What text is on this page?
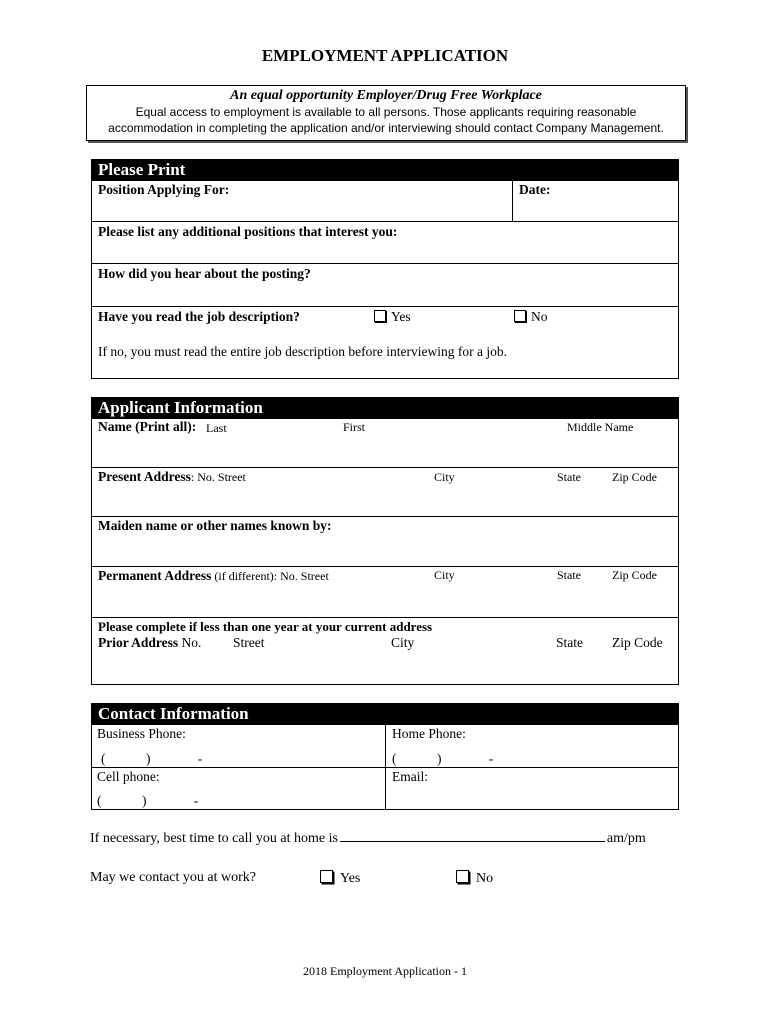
EMPLOYMENT APPLICATION
An equal opportunity Employer/Drug Free Workplace
Equal access to employment is available to all persons. Those applicants requiring reasonable
accommodation in completing the application and/or interviewing should contact Company Management.
Please Print
Position Applying For:	Date:
Please list any additional positions that interest you:
How did you hear about the posting?
Have you read the job description?	Yes	No
If no, you must read the entire job description before interviewing for a job.
Applicant Information
Name (Print all): Last	First	Middle Name
Present Address: No. Street	City	State	Zip Code
Maiden name or other names known by:
Permanent Address (if different): No. Street	City	State	Zip Code
Please complete if less than one year at your current address
Prior Address No. Street	City	State Zip Code
Contact Information
Business Phone:
(            )              -
Home Phone:
(            )              -
Cell phone:
(            )              -
Email:
If necessary, best time to call you at home is	am/pm
May we contact you at work?	Yes	No
2018 Employment Application - 1
